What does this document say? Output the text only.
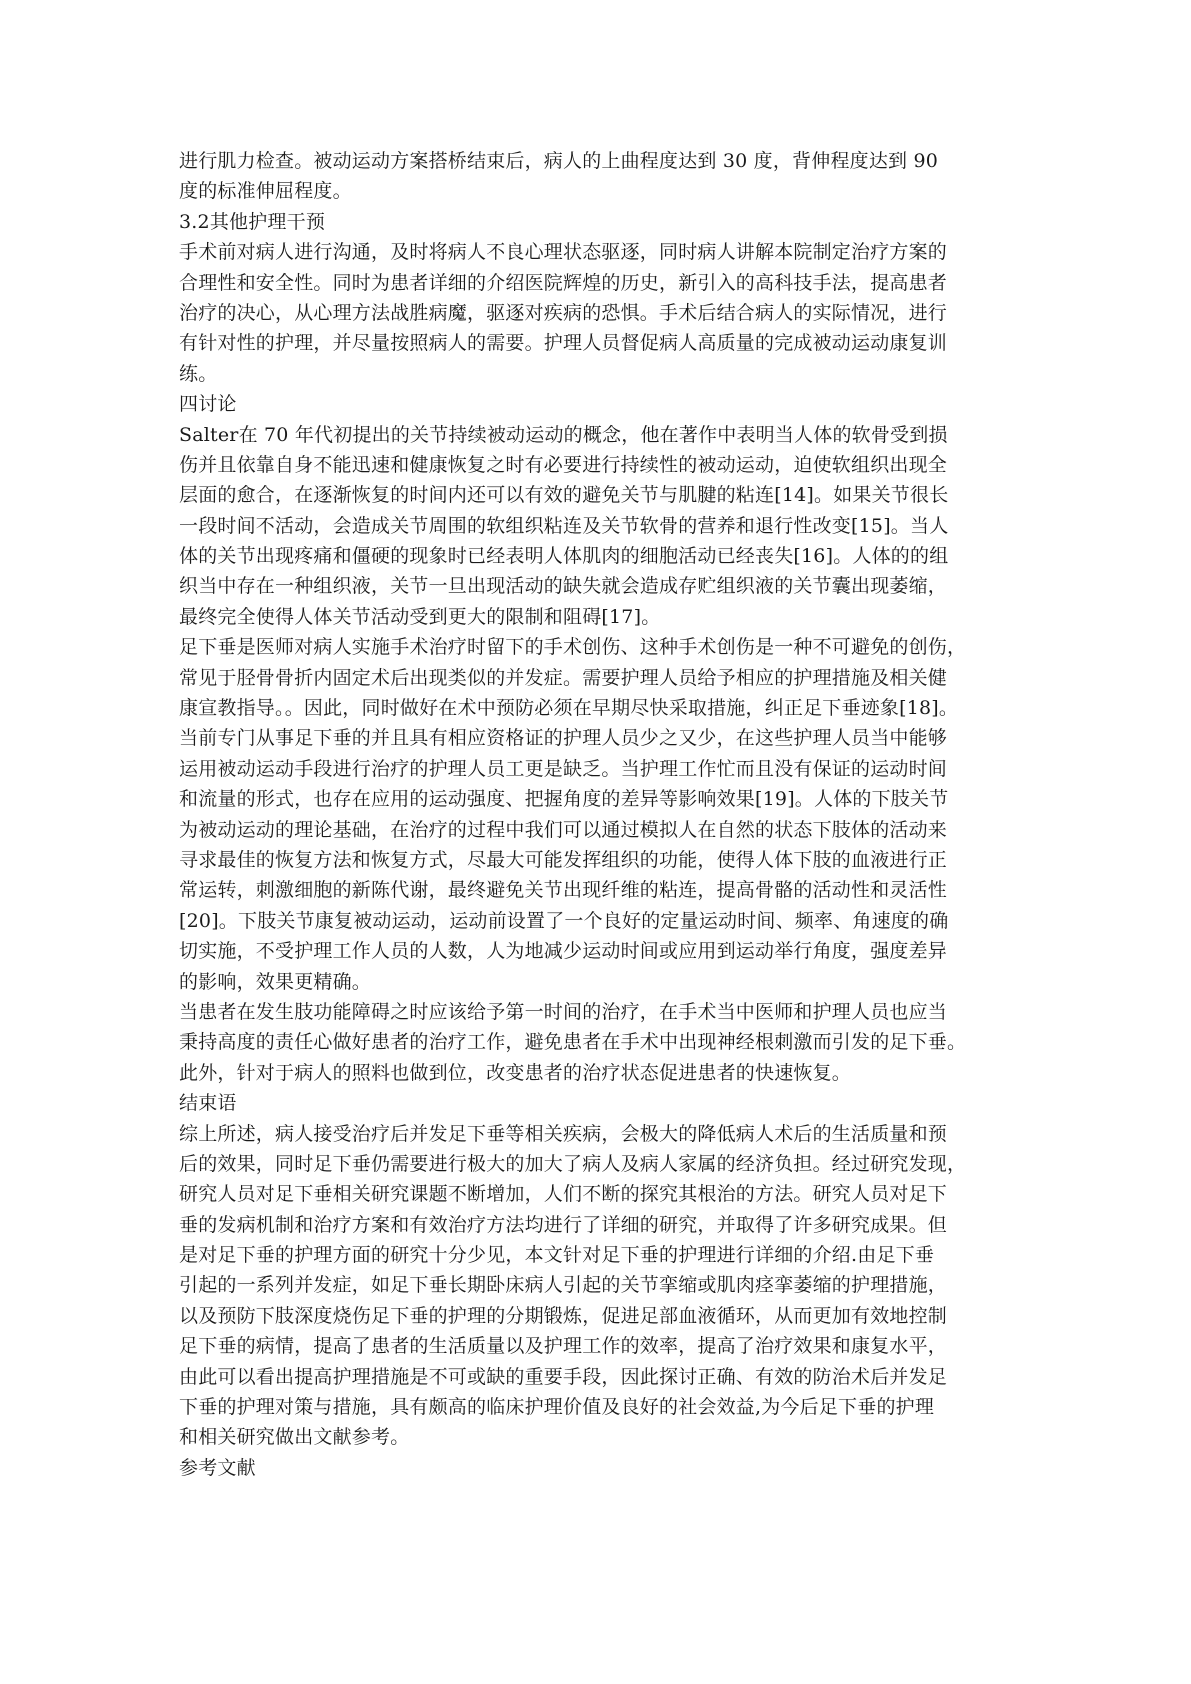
进行肌力检查。被动运动方案搭桥结束后，病人的上曲程度达到 30 度，背伸程度达到 90
度的标准伸屈程度。
3.2其他护理干预
手术前对病人进行沟通，及时将病人不良心理状态驱逐，同时病人讲解本院制定治疗方案的
合理性和安全性。同时为患者详细的介绍医院辉煌的历史，新引入的高科技手法，提高患者
治疗的决心，从心理方法战胜病魔，驱逐对疾病的恐惧。手术后结合病人的实际情况，进行
有针对性的护理，并尽量按照病人的需要。护理人员督促病人高质量的完成被动运动康复训
练。
四讨论
Salter在 70 年代初提出的关节持续被动运动的概念，他在著作中表明当人体的软骨受到损
伤并且依靠自身不能迅速和健康恢复之时有必要进行持续性的被动运动，迫使软组织出现全
层面的愈合，在逐渐恢复的时间内还可以有效的避免关节与肌腱的粘连[14]。如果关节很长
一段时间不活动，会造成关节周围的软组织粘连及关节软骨的营养和退行性改变[15]。当人
体的关节出现疼痛和僵硬的现象时已经表明人体肌肉的细胞活动已经丧失[16]。人体的的组
织当中存在一种组织液，关节一旦出现活动的缺失就会造成存贮组织液的关节囊出现萎缩，
最终完全使得人体关节活动受到更大的限制和阻碍[17]。
足下垂是医师对病人实施手术治疗时留下的手术创伤、这种手术创伤是一种不可避免的创伤，
常见于胫骨骨折内固定术后出现类似的并发症。需要护理人员给予相应的护理措施及相关健
康宣教指导。。因此，同时做好在术中预防必须在早期尽快采取措施，纠正足下垂迹象[18]。
当前专门从事足下垂的并且具有相应资格证的护理人员少之又少，在这些护理人员当中能够
运用被动运动手段进行治疗的护理人员工更是缺乏。当护理工作忙而且没有保证的运动时间
和流量的形式，也存在应用的运动强度、把握角度的差异等影响效果[19]。人体的下肢关节
为被动运动的理论基础，在治疗的过程中我们可以通过模拟人在自然的状态下肢体的活动来
寻求最佳的恢复方法和恢复方式，尽最大可能发挥组织的功能，使得人体下肢的血液进行正
常运转，刺激细胞的新陈代谢，最终避免关节出现纤维的粘连，提高骨骼的活动性和灵活性
[20]。下肢关节康复被动运动，运动前设置了一个良好的定量运动时间、频率、角速度的确
切实施，不受护理工作人员的人数，人为地减少运动时间或应用到运动举行角度，强度差异
的影响，效果更精确。
当患者在发生肢功能障碍之时应该给予第一时间的治疗，在手术当中医师和护理人员也应当
秉持高度的责任心做好患者的治疗工作，避免患者在手术中出现神经根刺激而引发的足下垂。
此外，针对于病人的照料也做到位，改变患者的治疗状态促进患者的快速恢复。
结束语
综上所述，病人接受治疗后并发足下垂等相关疾病，会极大的降低病人术后的生活质量和预
后的效果，同时足下垂仍需要进行极大的加大了病人及病人家属的经济负担。经过研究发现，
研究人员对足下垂相关研究课题不断增加，人们不断的探究其根治的方法。研究人员对足下
垂的发病机制和治疗方案和有效治疗方法均进行了详细的研究，并取得了许多研究成果。但
是对足下垂的护理方面的研究十分少见，本文针对足下垂的护理进行详细的介绍.由足下垂
引起的一系列并发症，如足下垂长期卧床病人引起的关节挛缩或肌肉痉挛萎缩的护理措施，
以及预防下肢深度烧伤足下垂的护理的分期锻炼，促进足部血液循环，从而更加有效地控制
足下垂的病情，提高了患者的生活质量以及护理工作的效率，提高了治疗效果和康复水平，
由此可以看出提高护理措施是不可或缺的重要手段，因此探讨正确、有效的防治术后并发足
下垂的护理对策与措施，具有颇高的临床护理价值及良好的社会效益,为今后足下垂的护理
和相关研究做出文献参考。
参考文献
